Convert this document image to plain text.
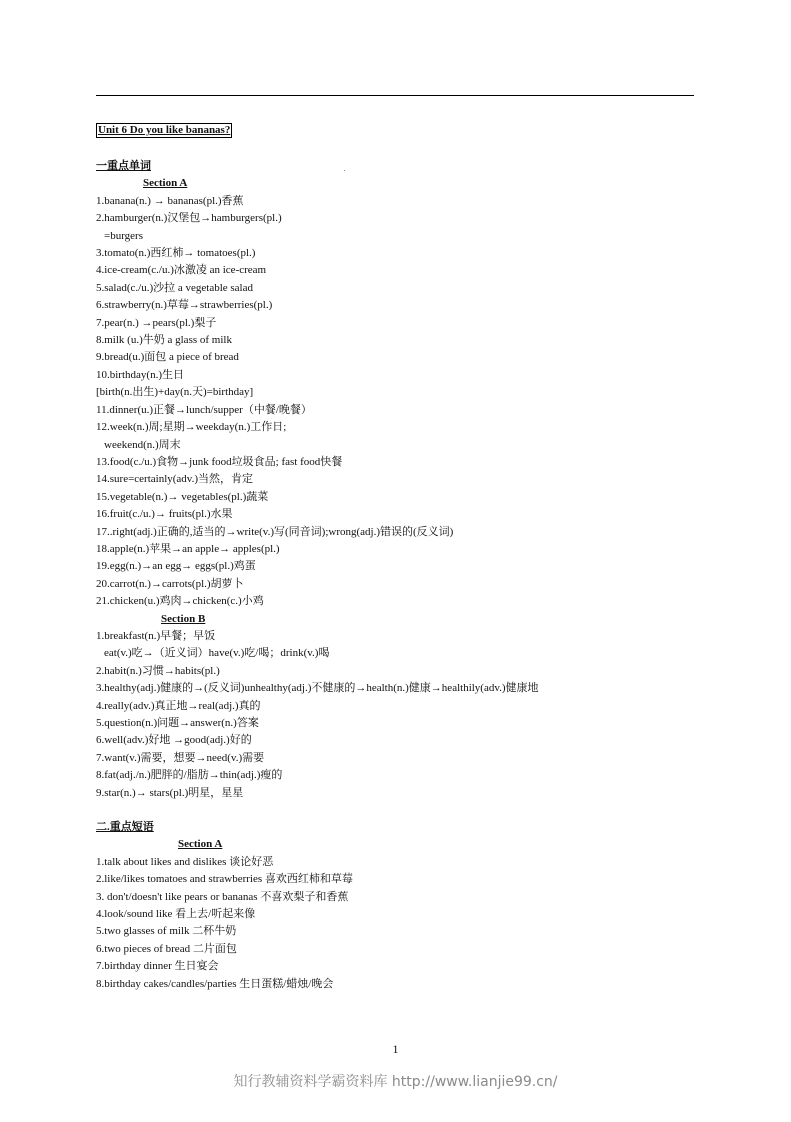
Unit 6 Do you like bananas?
一重点单词
Section A
1.banana(n.) → bananas(pl.)香蕉
2.hamburger(n.)汉堡包→hamburgers(pl.)
=burgers
3.tomato(n.)西红柿→ tomatoes(pl.)
4.ice-cream(c./u.)冰激凌 an ice-cream
5.salad(c./u.)沙拉 a vegetable salad
6.strawberry(n.)草莓→strawberries(pl.)
7.pear(n.) →pears(pl.)梨子
8.milk (u.)牛奶 a glass of milk
9.bread(u.)面包 a piece of bread
10.birthday(n.)生日
[birth(n.出生)+day(n.天)=birthday]
11.dinner(u.)正餐→lunch/supper（中餐/晚餐）
12.week(n.)周;星期→weekday(n.)工作日;
weekend(n.)周末
13.food(c./u.)食物→junk food垃圾食品; fast food快餐
14.sure=certainly(adv.)当然，肯定
15.vegetable(n.)→ vegetables(pl.)蔬菜
16.fruit(c./u.)→ fruits(pl.)水果
17..right(adj.)正确的,适当的→write(v.)写(同音词);wrong(adj.)错误的(反义词)
18.apple(n.)苹果→an apple→ apples(pl.)
19.egg(n.)→an egg→ eggs(pl.)鸡蛋
20.carrot(n.)→carrots(pl.)胡萝卜
21.chicken(u.)鸡肉→chicken(c.)小鸡
Section B
1.breakfast(n.)早餐；早饭
eat(v.)吃→（近义词）have(v.)吃/喝；drink(v.)喝
2.habit(n.)习惯→habits(pl.)
3.healthy(adj.)健康的→(反义词)unhealthy(adj.)不健康的→health(n.)健康→healthily(adv.)健康地
4.really(adv.)真正地→real(adj.)真的
5.question(n.)问题→answer(n.)答案
6.well(adv.)好地 →good(adj.)好的
7.want(v.)需要，想要→need(v.)需要
8.fat(adj./n.)肥胖的/脂肪→thin(adj.)瘦的
9.star(n.)→ stars(pl.)明星，星星
二.重点短语
Section A
1.talk about likes and dislikes 谈论好恶
2.like/likes tomatoes and strawberries 喜欢西红柿和草莓
3. don't/doesn't like pears or bananas 不喜欢梨子和香蕉
4.look/sound like 看上去/听起来像
5.two glasses of milk 二杯牛奶
6.two pieces of bread 二片面包
7.birthday dinner 生日宴会
8.birthday cakes/candles/parties 生日蛋糕/蜡烛/晚会
1
知行教辅资料学霸资料库 http://www.lianjie99.cn/
